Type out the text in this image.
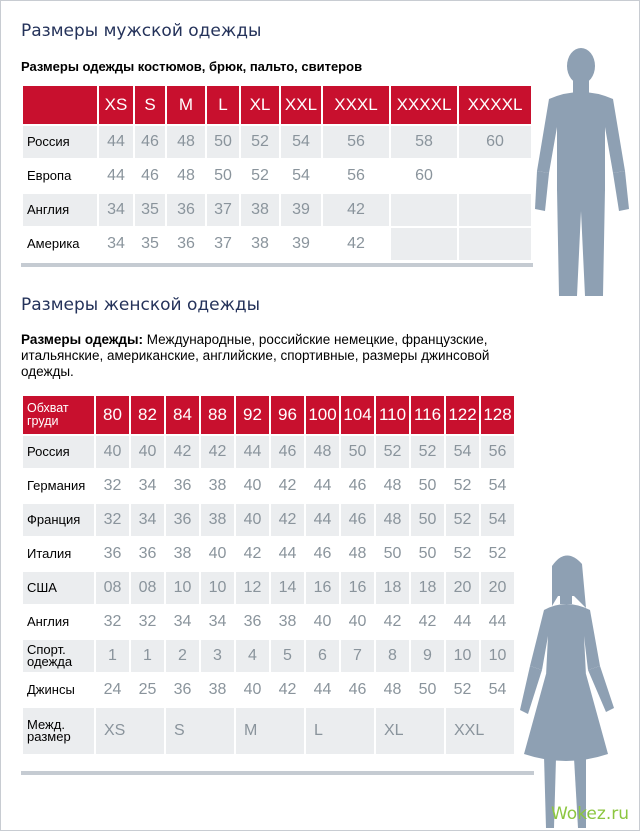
Размеры мужской одежды
Размеры одежды костюмов, брюк, пальто, свитеров
	XS	S	M	L	XL	XXL	XXXL	XXXXL	XXXXL
Россия	44	46	48	50	52	54	56	58	60
Европа	44	46	48	50	52	54	56	60	
Англия	34	35	36	37	38	39	42		
Америка	34	35	36	37	38	39	42		
Размеры женской одежды
Размеры одежды: Международные, российские немецкие, французские, итальянские, американские, английские, спортивные, размеры джинсовой одежды.
Обхват груди	80	82	84	88	92	96	100	104	110	116	122	128
Россия	40	40	42	42	44	46	48	50	52	52	54	56
Германия	32	34	36	38	40	42	44	46	48	50	52	54
Франция	32	34	36	38	40	42	44	46	48	50	52	54
Италия	36	36	38	40	42	44	46	48	50	50	52	52
США	08	08	10	10	12	14	16	16	18	18	20	20
Англия	32	32	34	34	36	38	40	40	42	42	44	44
Спорт. одежда	1	1	2	3	4	5	6	7	8	9	10	10
Джинсы	24	25	36	38	40	42	44	46	48	50	52	54
Межд. размер	XS		S		M		L		XL		XXL	
Wokez.ru
